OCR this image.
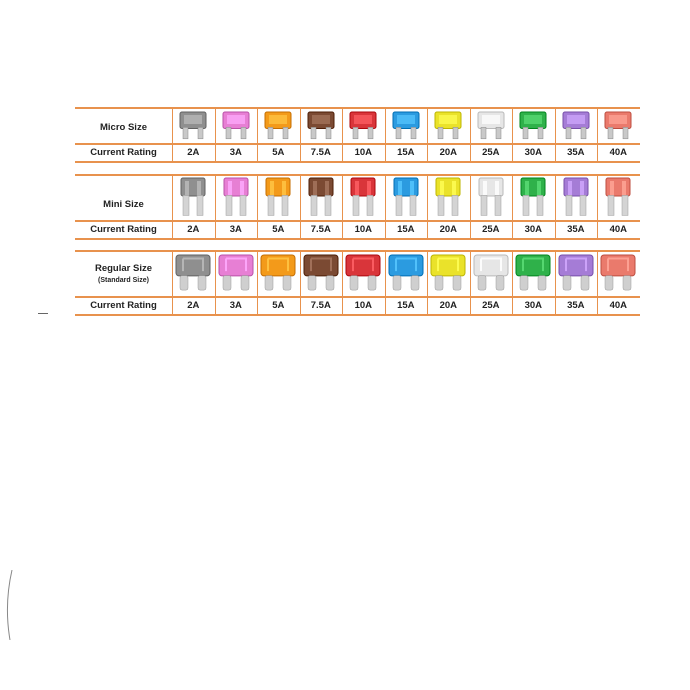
Micro Size
Current Rating	2A	3A	5A	7.5A	10A	15A	20A	25A	30A	35A	40A
Mini Size
Current Rating	2A	3A	5A	7.5A	10A	15A	20A	25A	30A	35A	40A
Regular Size
(Standard Size)
Current Rating	2A	3A	5A	7.5A	10A	15A	20A	25A	30A	35A	40A
